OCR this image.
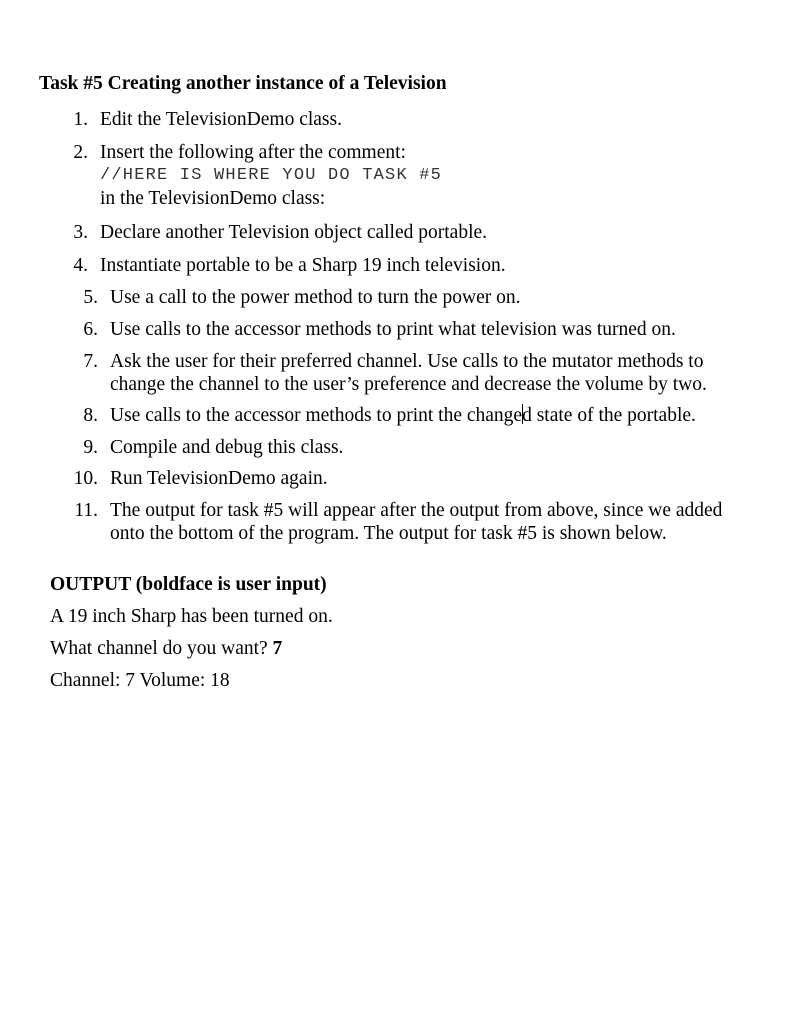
Task #5 Creating another instance of a Television
1. Edit the TelevisionDemo class.
2. Insert the following after the comment:
//HERE IS WHERE YOU DO TASK #5
in the TelevisionDemo class:
3. Declare another Television object called portable.
4. Instantiate portable to be a Sharp 19 inch television.
5. Use a call to the power method to turn the power on.
6. Use calls to the accessor methods to print what television was turned on.
7. Ask the user for their preferred channel. Use calls to the mutator methods to
change the channel to the user’s preference and decrease the volume by two.
8. Use calls to the accessor methods to print the changed state of the portable.
9. Compile and debug this class.
10. Run TelevisionDemo again.
11. The output for task #5 will appear after the output from above, since we added
onto the bottom of the program. The output for task #5 is shown below.
OUTPUT (boldface is user input)
A 19 inch Sharp has been turned on.
What channel do you want? 7
Channel: 7 Volume: 18
